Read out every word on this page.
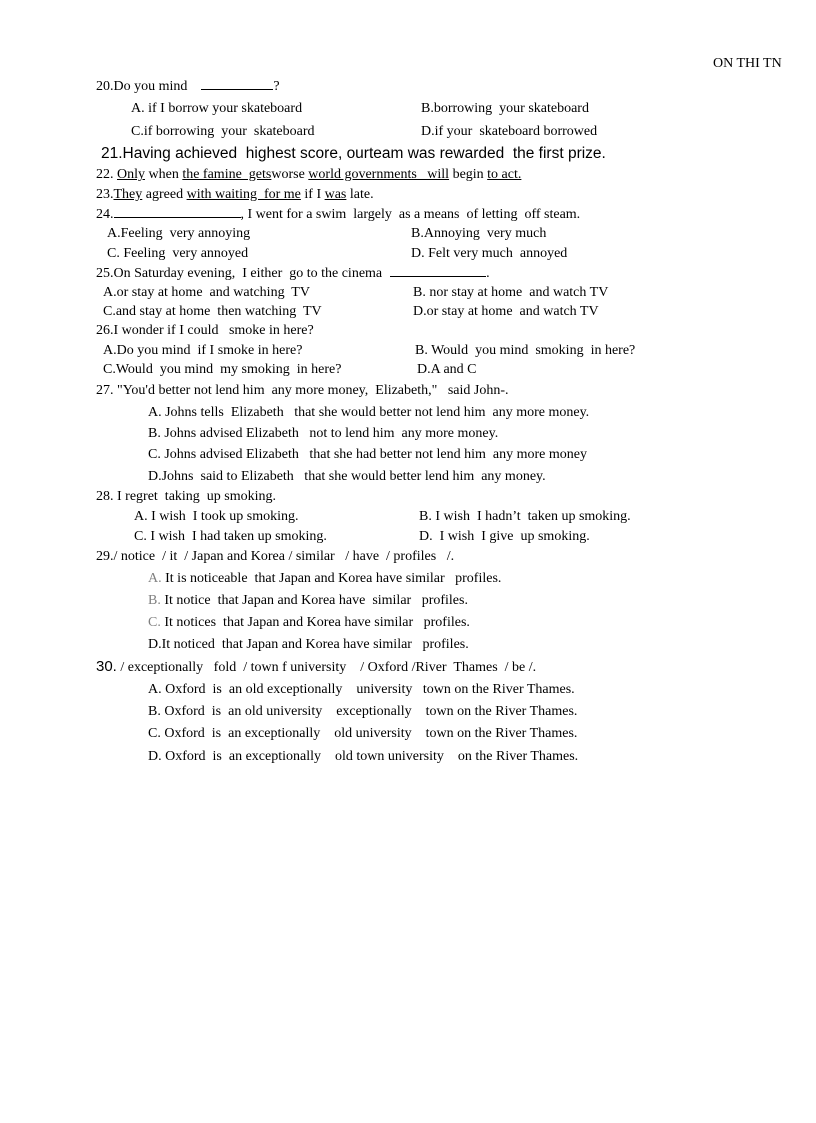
ON THI TN
20.Do you mind	?
A. if I borrow your skateboard	B.borrowing  your skateboard
C.if borrowing  your  skateboard	D.if your  skateboard borrowed
21.Having achieved  highest score, ourteam was rewarded  the first prize.
22. Only when the famine  getsworse world governments   will begin to act.
23.They agreed with waiting  for me if I was late.
24.	, I went for a swim  largely  as a means  of letting  off steam.
A.Feeling  very annoying	B.Annoying  very much
C. Feeling  very annoyed	D. Felt very much  annoyed
25.On Saturday evening,  I either  go to the cinema	.
A.or stay at home  and watching  TV	B. nor stay at home  and watch TV
C.and stay at home  then watching  TV	D.or stay at home  and watch TV
26.I wonder if I could   smoke in here?
A.Do you mind  if I smoke in here?	B. Would  you mind  smoking  in here?
C.Would  you mind  my smoking  in here?	D.A and C
27. "You'd better not lend him  any more money,  Elizabeth,"   said John-.
A. Johns tells  Elizabeth   that she would better not lend him  any more money.
B. Johns advised Elizabeth   not to lend him  any more money.
C. Johns advised Elizabeth   that she had better not lend him  any more money
D.Johns  said to Elizabeth   that she would better lend him  any money.
28. I regret  taking  up smoking.
A. I wish  I took up smoking.	B. I wish  I hadn’t  taken up smoking.
C. I wish  I had taken up smoking.	D.  I wish  I give  up smoking.
29./ notice  / it  / Japan and Korea / similar   / have  / profiles   /.
A. It is noticeable  that Japan and Korea have similar   profiles.
B. It notice  that Japan and Korea have  similar   profiles.
C. It notices  that Japan and Korea have similar   profiles.
D.It noticed  that Japan and Korea have similar   profiles.
30. / exceptionally   fold  / town f university    / Oxford /River  Thames  / be /.
A. Oxford  is  an old exceptionally    university   town on the River Thames.
B. Oxford  is  an old university    exceptionally    town on the River Thames.
C. Oxford  is  an exceptionally    old university    town on the River Thames.
D. Oxford  is  an exceptionally    old town university    on the River Thames.
